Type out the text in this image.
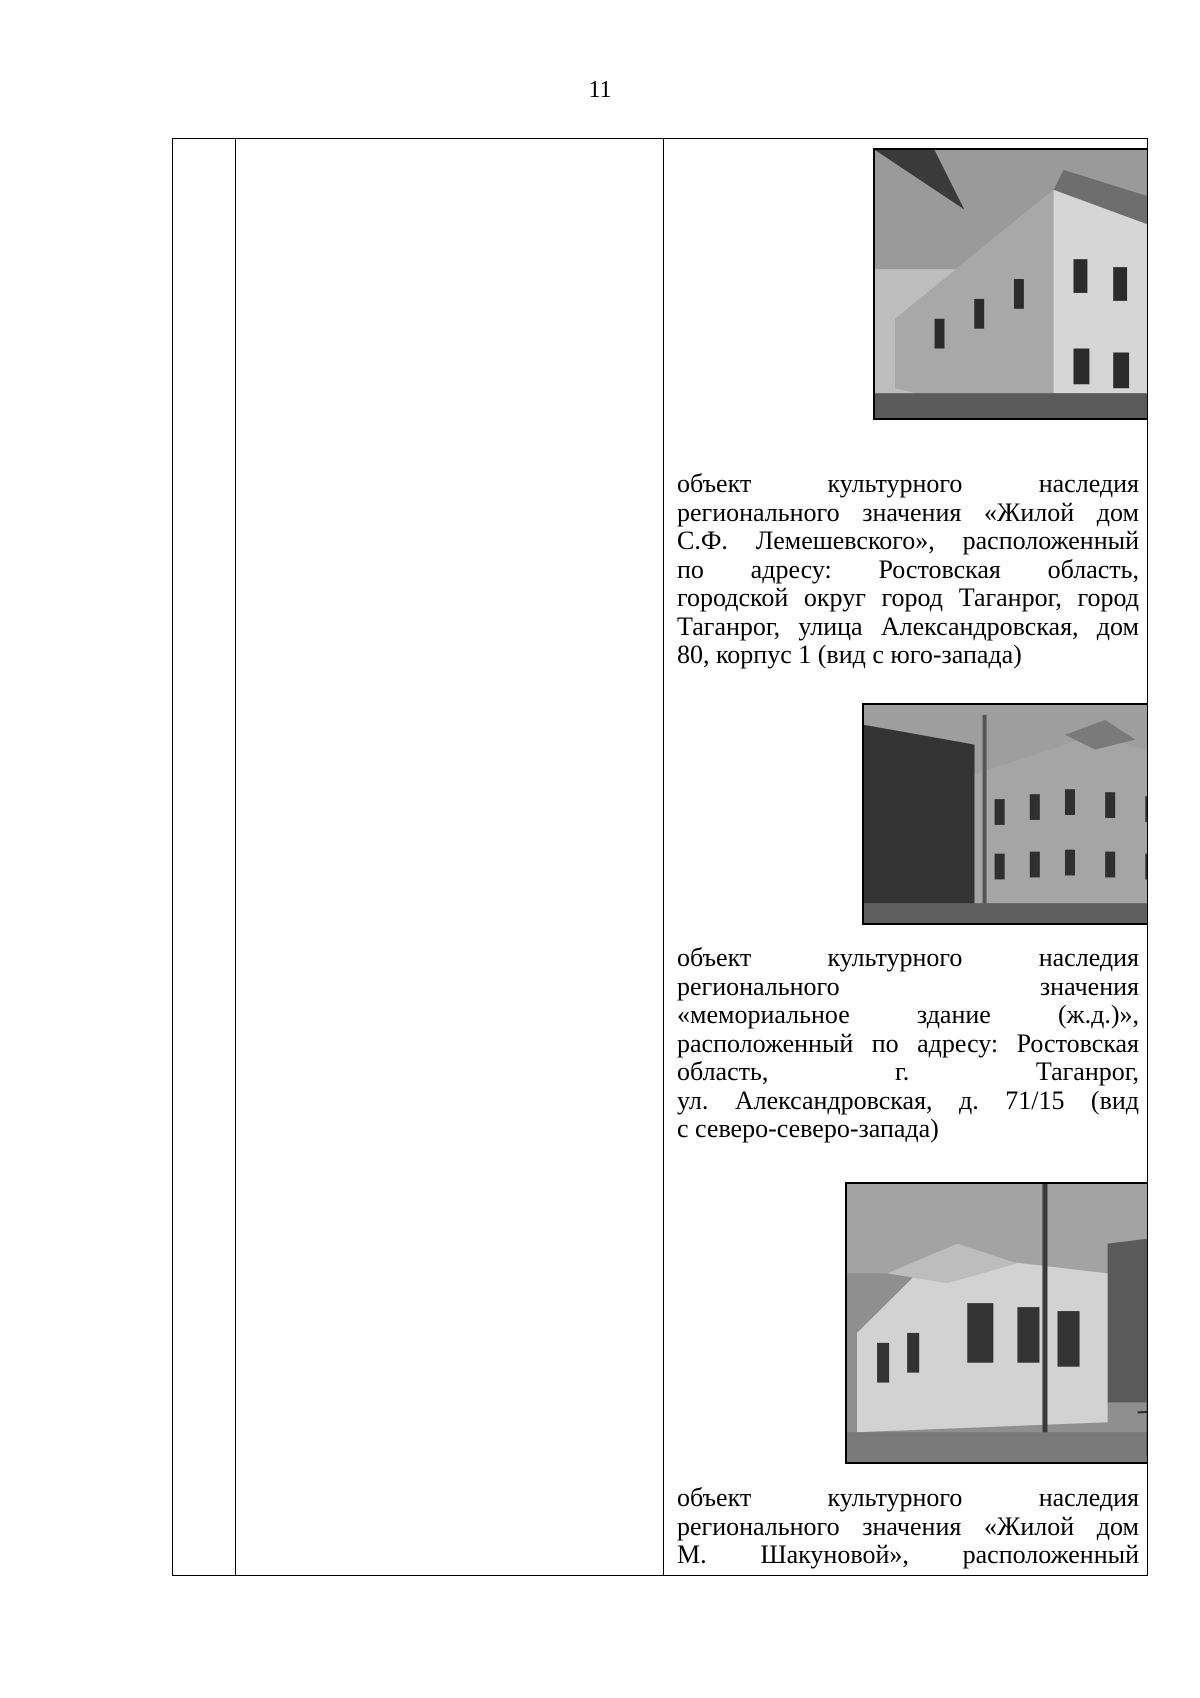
11
объект культурного наследия
регионального значения «Жилой дом
С.Ф. Лемешевского», расположенный
по адресу: Ростовская область,
городской округ город Таганрог, город
Таганрог, улица Александровская, дом
80, корпус 1 (вид с юго-запада)
объект культурного наследия
регионального значения
«мемориальное здание (ж.д.)»,
расположенный по адресу: Ростовская
область, г. Таганрог,
ул. Александровская, д. 71/15 (вид
с северо-северо-запада)
объект культурного наследия
регионального значения «Жилой дом
М. Шакуновой», расположенный
